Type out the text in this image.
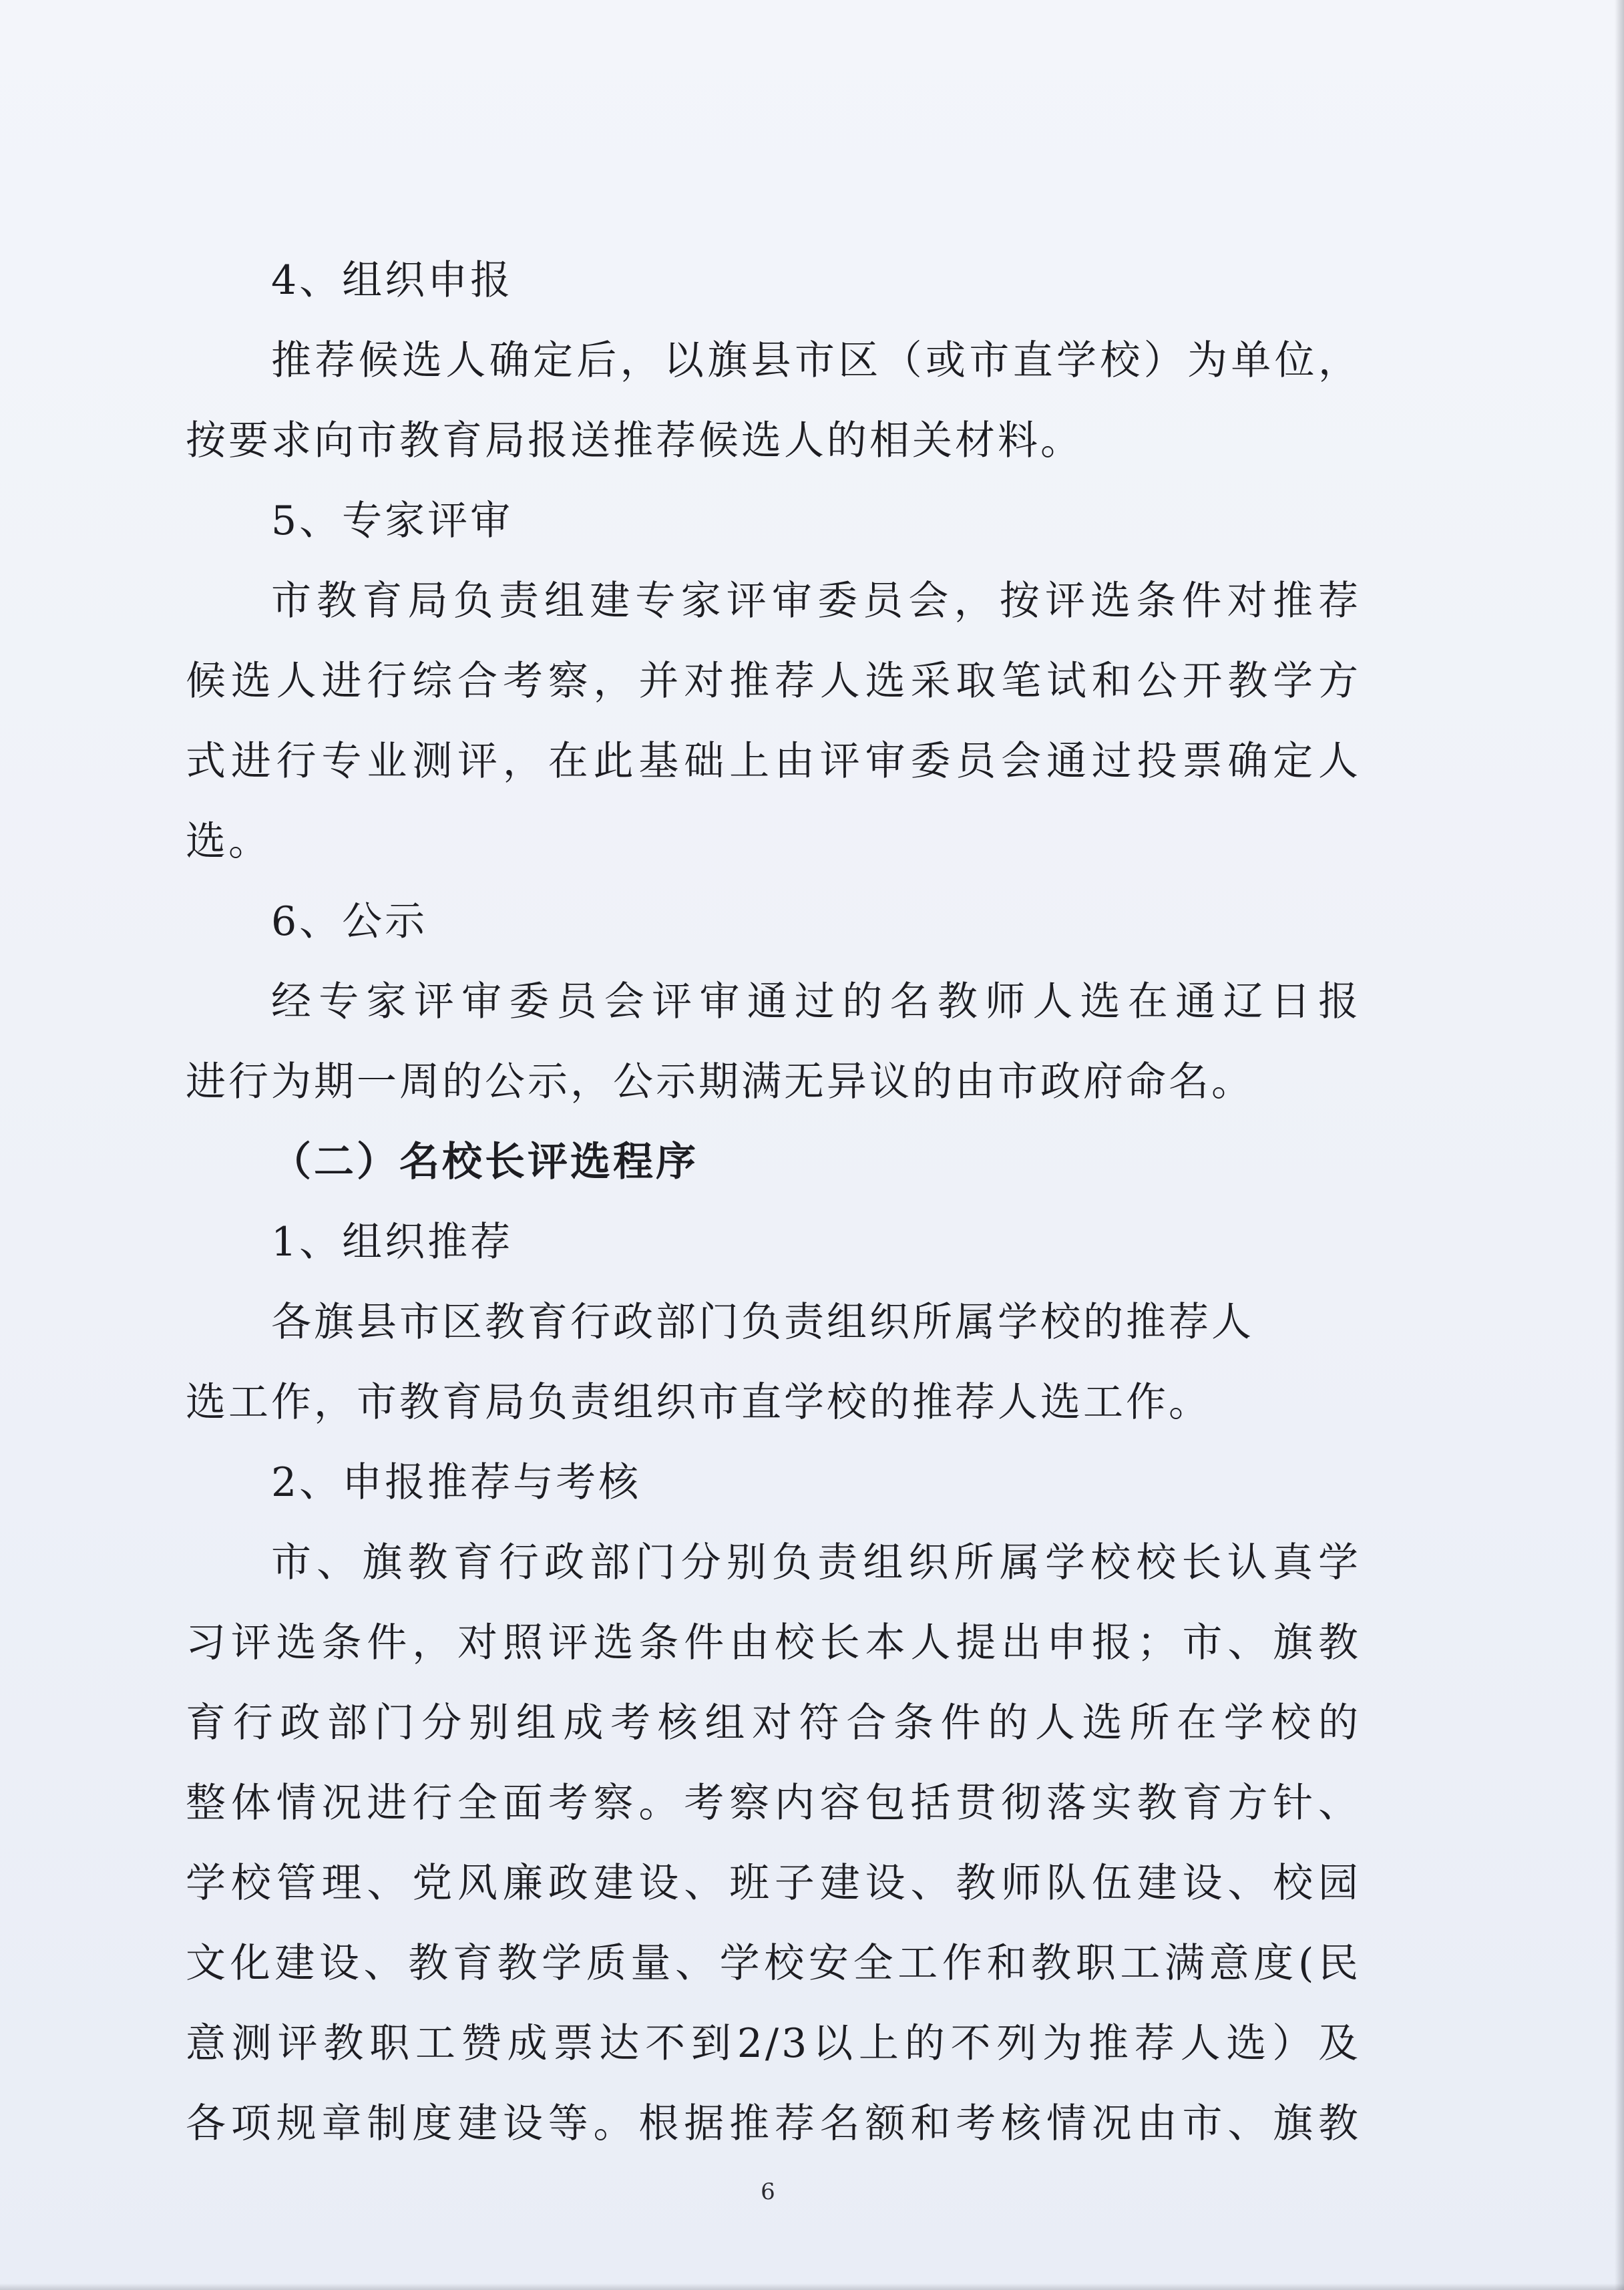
4、组织申报
推荐候选人确定后，以旗县市区（或市直学校）为单位，
按要求向市教育局报送推荐候选人的相关材料。
5、专家评审
市教育局负责组建专家评审委员会，按评选条件对推荐
候选人进行综合考察，并对推荐人选采取笔试和公开教学方
式进行专业测评，在此基础上由评审委员会通过投票确定人
选。
6、公示
经专家评审委员会评审通过的名教师人选在通辽日报
进行为期一周的公示，公示期满无异议的由市政府命名。
（二）名校长评选程序
1、组织推荐
各旗县市区教育行政部门负责组织所属学校的推荐人
选工作，市教育局负责组织市直学校的推荐人选工作。
2、申报推荐与考核
市、旗教育行政部门分别负责组织所属学校校长认真学
习评选条件，对照评选条件由校长本人提出申报；市、旗教
育行政部门分别组成考核组对符合条件的人选所在学校的
整体情况进行全面考察。考察内容包括贯彻落实教育方针、
学校管理、党风廉政建设、班子建设、教师队伍建设、校园
文化建设、教育教学质量、学校安全工作和教职工满意度(民
意测评教职工赞成票达不到2/3以上的不列为推荐人选）及
各项规章制度建设等。根据推荐名额和考核情况由市、旗教
6
